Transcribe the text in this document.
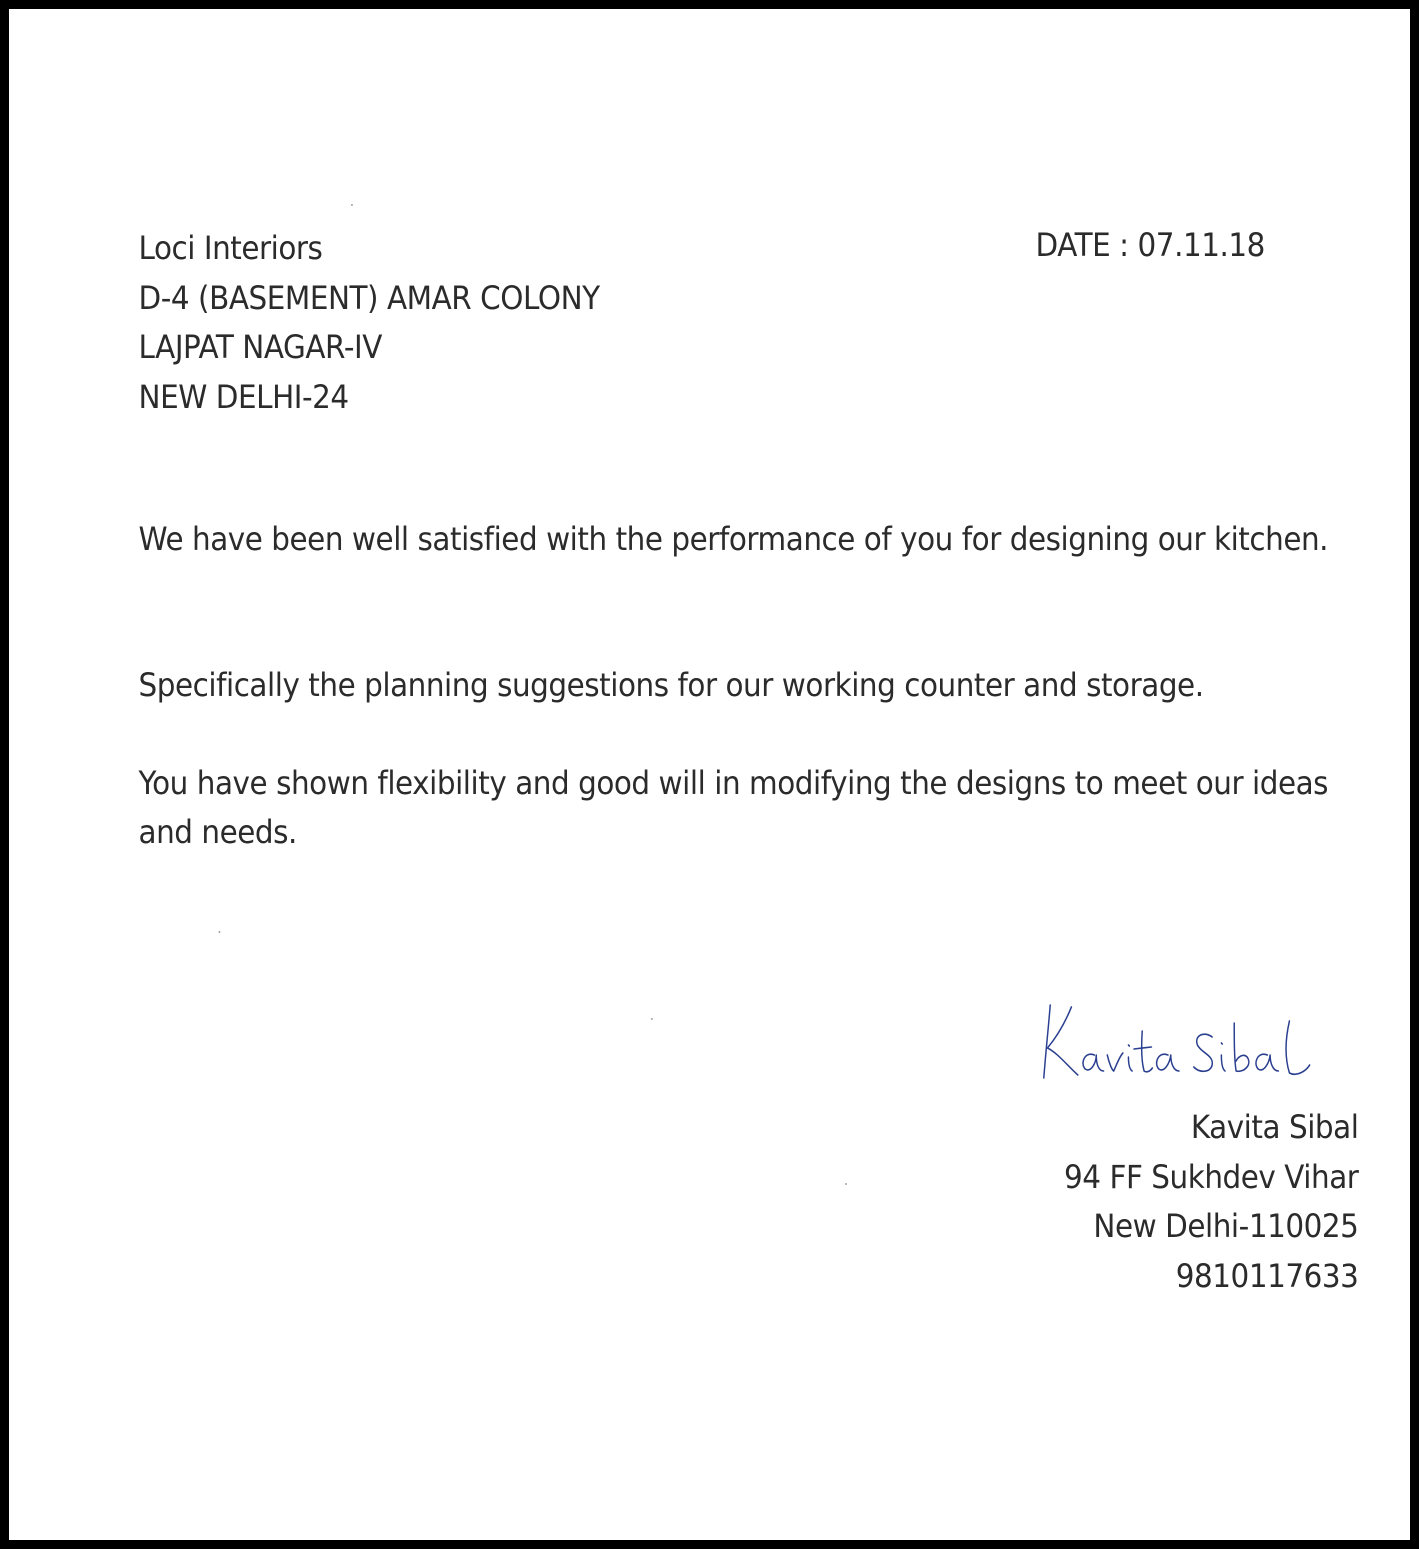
Loci Interiors
D-4 (BASEMENT) AMAR COLONY
LAJPAT NAGAR-IV
NEW DELHI-24
DATE : 07.11.18
We have been well satisfied with the performance of you for designing our kitchen.
Specifically the planning suggestions for our working counter and storage.
You have shown flexibility and good will in modifying the designs to meet our ideas and needs.
Kavita Sibal
94 FF Sukhdev Vihar
New Delhi-110025
9810117633
